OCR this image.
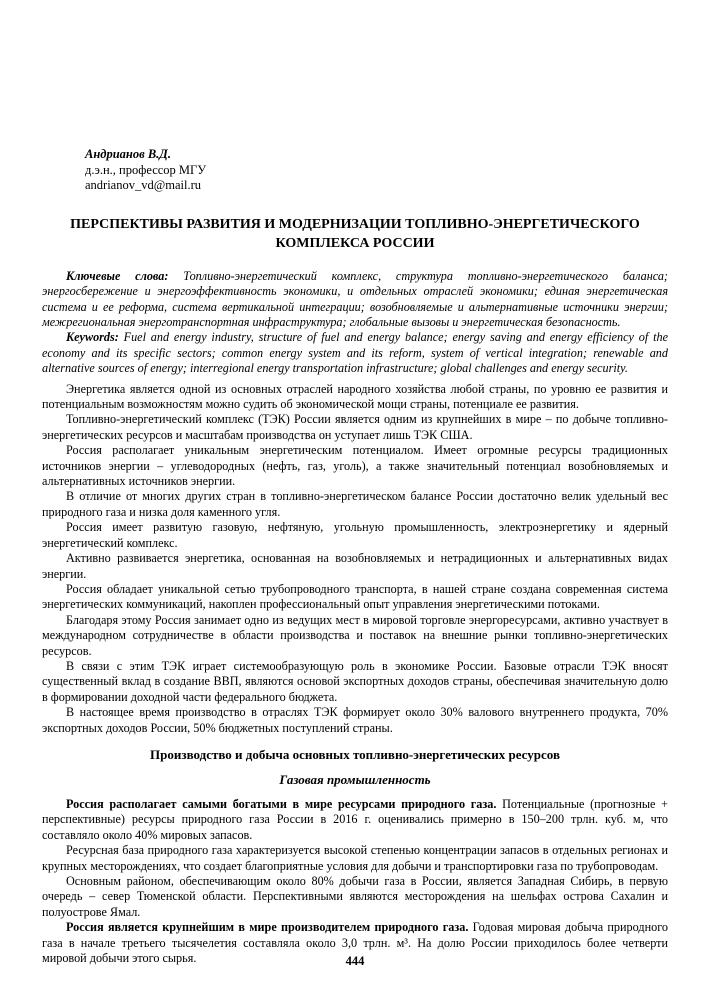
Андрианов В.Д.
д.э.н., профессор МГУ
andrianov_vd@mail.ru
ПЕРСПЕКТИВЫ РАЗВИТИЯ И МОДЕРНИЗАЦИИ ТОПЛИВНО-ЭНЕРГЕТИЧЕСКОГО КОМПЛЕКСА РОССИИ

Ключевые слова: Топливно-энергетический комплекс, структура топливно-энергетического баланса; энергосбережение и энергоэффективность экономики, и отдельных отраслей экономики; единая энергетическая система и ее реформа, система вертикальной интеграции; возобновляемые и альтернативные источники энергии; межрегиональная энерготранспортная инфраструктура; глобальные вызовы и энергетическая безопасность.

Keywords: Fuel and energy industry, structure of fuel and energy balance; energy saving and energy efficiency of the economy and its specific sectors; common energy system and its reform, system of vertical integration; renewable and alternative sources of energy; interregional energy transportation infrastructure; global challenges and energy security.

Энергетика является одной из основных отраслей народного хозяйства любой страны, по уровню ее развития и потенциальным возможностям можно судить об экономической мощи страны, потенциале ее развития.

Топливно-энергетический комплекс (ТЭК) России является одним из крупнейших в мире – по добыче топливно-энергетических ресурсов и масштабам производства он уступает лишь ТЭК США.

Россия располагает уникальным энергетическим потенциалом. Имеет огромные ресурсы традиционных источников энергии – углеводородных (нефть, газ, уголь), а также значительный потенциал возобновляемых и альтернативных источников энергии.

В отличие от многих других стран в топливно-энергетическом балансе России достаточно велик удельный вес природного газа и низка доля каменного угля.

Россия имеет развитую газовую, нефтяную, угольную промышленность, электроэнергетику и ядерный энергетический комплекс.

Активно развивается энергетика, основанная на возобновляемых и нетрадиционных и альтернативных видах энергии.

Россия обладает уникальной сетью трубопроводного транспорта, в нашей стране создана современная система энергетических коммуникаций, накоплен профессиональный опыт управления энергетическими потоками.

Благодаря этому Россия занимает одно из ведущих мест в мировой торговле энергоресурсами, активно участвует в международном сотрудничестве в области производства и поставок на внешние рынки топливно-энергетических ресурсов.

В связи с этим ТЭК играет системообразующую роль в экономике России. Базовые отрасли ТЭК вносят существенный вклад в создание ВВП, являются основой экспортных доходов страны, обеспечивая значительную долю в формировании доходной части федерального бюджета.

В настоящее время производство в отраслях ТЭК формирует около 30% валового внутреннего продукта, 70% экспортных доходов России, 50% бюджетных поступлений страны.

Производство и добыча основных топливно-энергетических ресурсов
Газовая промышленность

Россия располагает самыми богатыми в мире ресурсами природного газа. Потенциальные (прогнозные + перспективные) ресурсы природного газа России в 2016 г. оценивались примерно в 150–200 трлн. куб. м, что составляло около 40% мировых запасов.

Ресурсная база природного газа характеризуется высокой степенью концентрации запасов в отдельных регионах и крупных месторождениях, что создает благоприятные условия для добычи и транспортировки газа по трубопроводам.

Основным районом, обеспечивающим около 80% добычи газа в России, является Западная Сибирь, в первую очередь – север Тюменской области. Перспективными являются месторождения на шельфах острова Сахалин и полуострове Ямал.

Россия является крупнейшим в мире производителем природного газа. Годовая мировая добыча природного газа в начале третьего тысячелетия составляла около 3,0 трлн. м³. На долю России приходилось более четверти мировой добычи этого сырья.	444
